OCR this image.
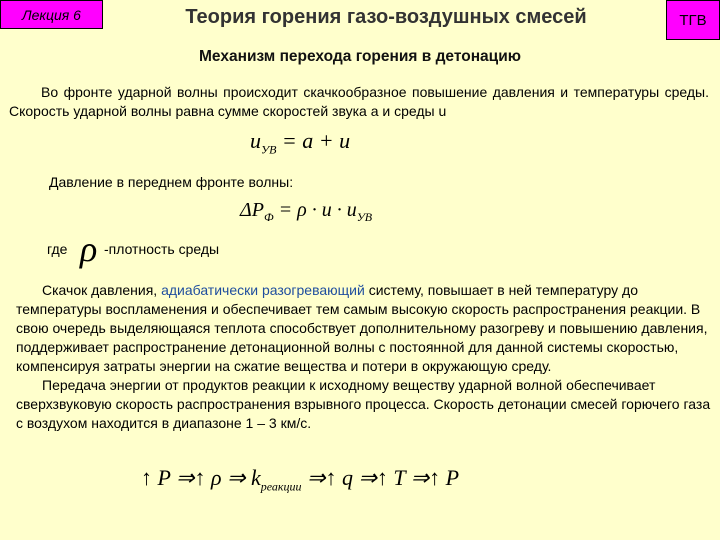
Лекция 6	Теория горения газо-воздушных смесей	ТГВ
Механизм перехода горения в детонацию
Во фронте ударной волны происходит скачкообразное повышение давления и температуры среды. Скорость ударной волны равна сумме скоростей звука а и среды u
$u_{УВ} = a + u$
Давление в переднем фронте волны:
$\Delta P_Ф = \rho \cdot u \cdot u_{УВ}$
где ρ -плотность среды
Скачок давления, адиабатически разогревающий систему, повышает в ней температуру до температуры воспламенения и обеспечивает тем самым высокую скорость распространения реакции. В свою очередь выделяющаяся теплота способствует дополнительному разогреву и повышению давления, поддерживает распространение детонационной волны с постоянной для данной системы скоростью, компенсируя затраты энергии на сжатие вещества и потери в окружающую среду.
Передача энергии от продуктов реакции к исходному веществу ударной волной обеспечивает сверхзвуковую скорость распространения взрывного процесса. Скорость детонации смесей горючего газа с воздухом находится в диапазоне 1 – 3 км/с.
↑ P ⇒↑ ρ ⇒ $k_{реакции}$ ⇒↑ q ⇒↑ T ⇒↑ P
